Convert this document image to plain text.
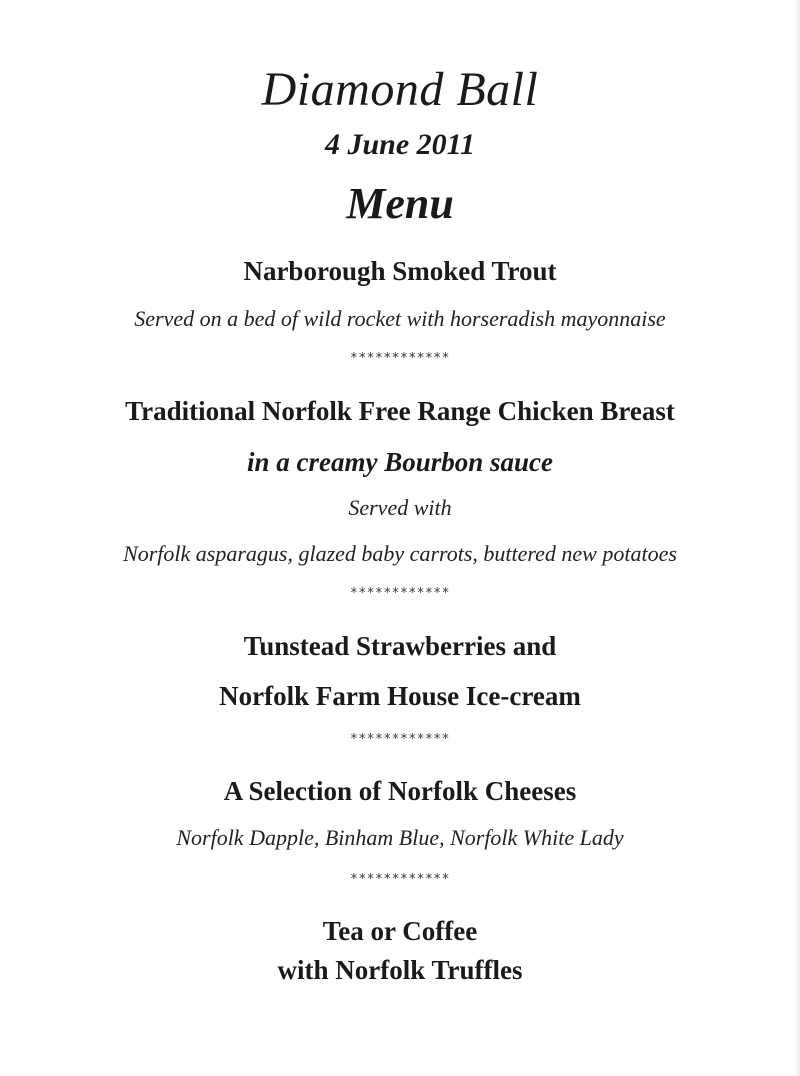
Diamond Ball
4 June 2011
Menu
Narborough Smoked Trout
Served on a bed of wild rocket with horseradish mayonnaise
************
Traditional Norfolk Free Range Chicken Breast
in a creamy Bourbon sauce
Served with
Norfolk asparagus, glazed baby carrots, buttered new potatoes
************
Tunstead Strawberries and
Norfolk Farm House Ice-cream
************
A Selection of Norfolk Cheeses
Norfolk Dapple, Binham Blue, Norfolk White Lady
************
Tea or Coffee
with Norfolk Truffles
